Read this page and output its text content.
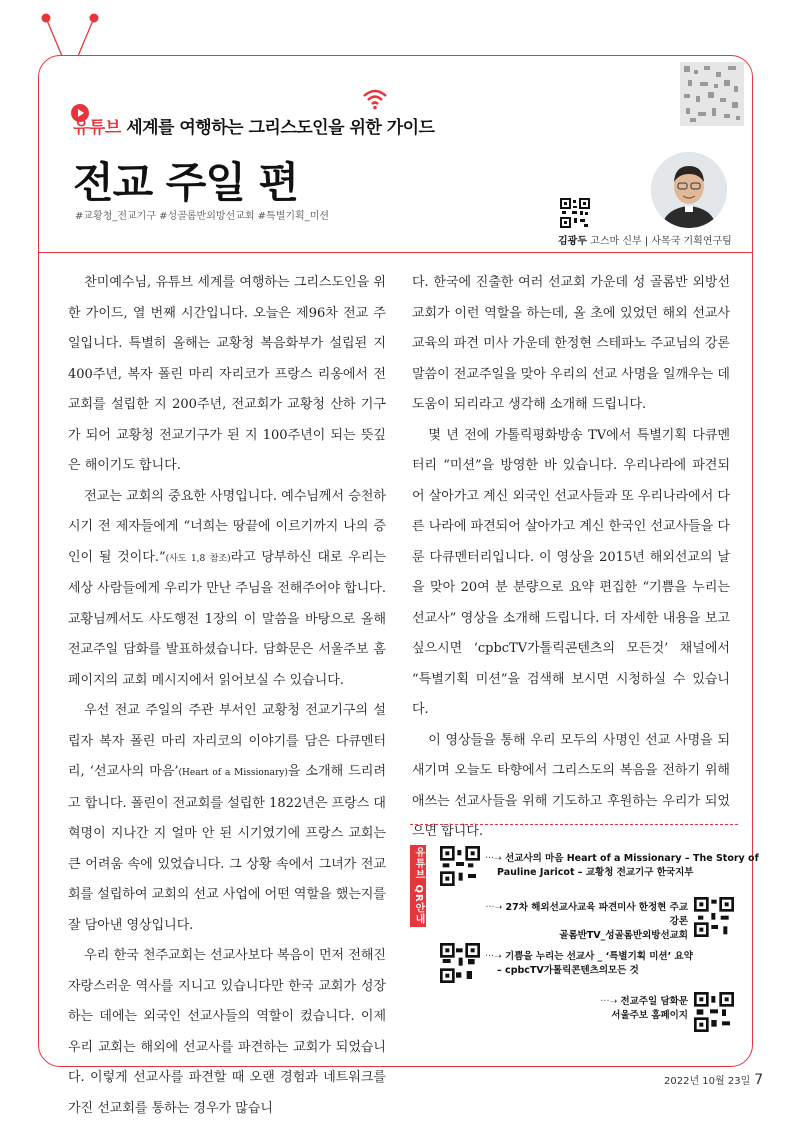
유튜브 세계를 여행하는 그리스도인을 위한 가이드
전교 주일 편
#교황청_전교기구 #성골롬반외방선교회 #특별기획_미션
김광두 고스마 신부 | 사목국 기획연구팀

찬미예수님, 유튜브 세계를 여행하는 그리스도인을 위한 가이드, 열 번째 시간입니다. 오늘은 제96차 전교 주일입니다. 특별히 올해는 교황청 복음화부가 설립된 지 400주년, 복자 폴린 마리 자리코가 프랑스 리옹에서 전교회를 설립한 지 200주년, 전교회가 교황청 산하 기구가 되어 교황청 전교기구가 된 지 100주년이 되는 뜻깊은 해이기도 합니다.

전교는 교회의 중요한 사명입니다. 예수님께서 승천하시기 전 제자들에게 “너희는 땅끝에 이르기까지 나의 증인이 될 것이다.”(사도 1,8 참조)라고 당부하신 대로 우리는 세상 사람들에게 우리가 만난 주님을 전해주어야 합니다. 교황님께서도 사도행전 1장의 이 말씀을 바탕으로 올해 전교주일 담화를 발표하셨습니다. 담화문은 서울주보 홈페이지의 교회 메시지에서 읽어보실 수 있습니다.

우선 전교 주일의 주관 부서인 교황청 전교기구의 설립자 복자 폴린 마리 자리코의 이야기를 담은 다큐멘터리, ‘선교사의 마음’(Heart of a Missionary)을 소개해 드리려고 합니다. 폴린이 전교회를 설립한 1822년은 프랑스 대혁명이 지나간 지 얼마 안 된 시기였기에 프랑스 교회는 큰 어려움 속에 있었습니다. 그 상황 속에서 그녀가 전교회를 설립하여 교회의 선교 사업에 어떤 역할을 했는지를 잘 담아낸 영상입니다.

우리 한국 천주교회는 선교사보다 복음이 먼저 전해진 자랑스러운 역사를 지니고 있습니다만 한국 교회가 성장하는 데에는 외국인 선교사들의 역할이 컸습니다. 이제 우리 교회는 해외에 선교사를 파견하는 교회가 되었습니다. 이렇게 선교사를 파견할 때 오랜 경험과 네트워크를 가진 선교회를 통하는 경우가 많습니

다. 한국에 진출한 여러 선교회 가운데 성 골롬반 외방선교회가 이런 역할을 하는데, 올 초에 있었던 해외 선교사 교육의 파견 미사 가운데 한정현 스테파노 주교님의 강론 말씀이 전교주일을 맞아 우리의 선교 사명을 일깨우는 데 도움이 되리라고 생각해 소개해 드립니다.

몇 년 전에 가톨릭평화방송 TV에서 특별기획 다큐멘터리 “미션”을 방영한 바 있습니다. 우리나라에 파견되어 살아가고 계신 외국인 선교사들과 또 우리나라에서 다른 나라에 파견되어 살아가고 계신 한국인 선교사들을 다룬 다큐멘터리입니다. 이 영상을 2015년 해외선교의 날을 맞아 20여 분 분량으로 요약 편집한 “기쁨을 누리는 선교사” 영상을 소개해 드립니다. 더 자세한 내용을 보고 싶으시면 ‘cpbcTV가톨릭콘텐츠의 모든것’ 채널에서 “특별기획 미션”을 검색해 보시면 시청하실 수 있습니다.

이 영상들을 통해 우리 모두의 사명인 선교 사명을 되새기며 오늘도 타향에서 그리스도의 복음을 전하기 위해 애쓰는 선교사들을 위해 기도하고 후원하는 우리가 되었으면 합니다.

유튜브 QR안내	···➝ 선교사의 마음 Heart of a Missionary – The Story of
Pauline Jaricot – 교황청 전교기구 한국지부
···➝ 27차 해외선교사교육 파견미사 한정현 주교 강론
골롬반TV_성골롬반외방선교회
···➝ 기쁨을 누리는 선교사 _ ‘특별기획 미션’ 요약
– cpbcTV가톨릭콘텐츠의모든 것
···➝ 전교주일 담화문
서울주보 홈페이지
2022년 10월 23일 7
